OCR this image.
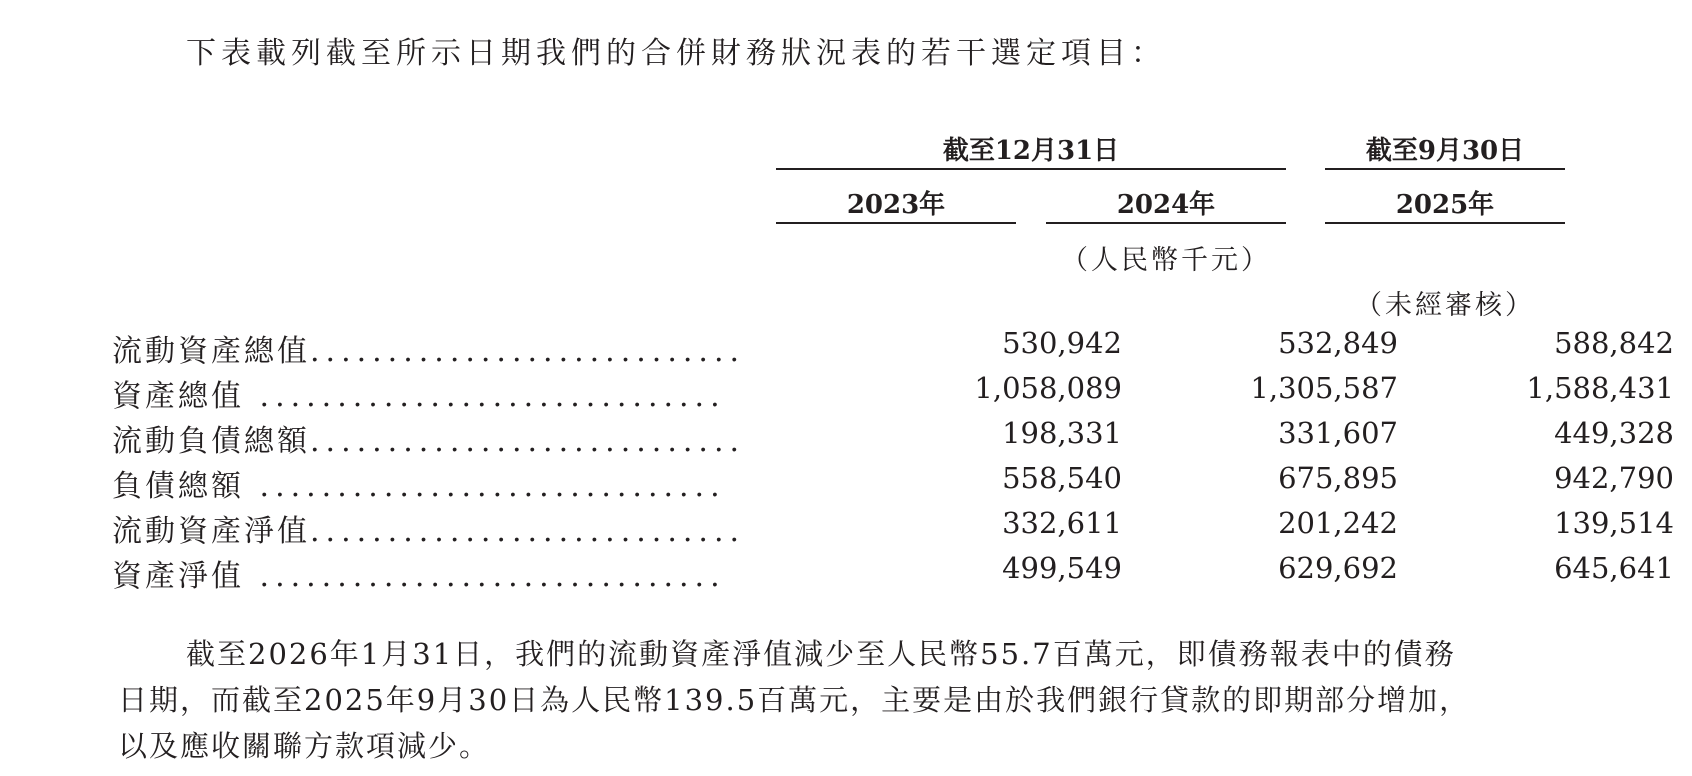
下表載列截至所示日期我們的合併財務狀況表的若干選定項目：
截至12月31日	截至9月30日
2023年	2024年	2025年
（人民幣千元）
（未經審核）
流動資產總值............................	530,942	532,849	588,842
資產總值 ..............................	1,058,089	1,305,587	1,588,431
流動負債總額............................	198,331	331,607	449,328
負債總額 ..............................	558,540	675,895	942,790
流動資產淨值............................	332,611	201,242	139,514
資產淨值 ..............................	499,549	629,692	645,641

截至2026年1月31日，我們的流動資產淨值減少至人民幣55.7百萬元，即債務報表中的債務

日期，而截至2025年9月30日為人民幣139.5百萬元，主要是由於我們銀行貸款的即期部分增加，

以及應收關聯方款項減少。
